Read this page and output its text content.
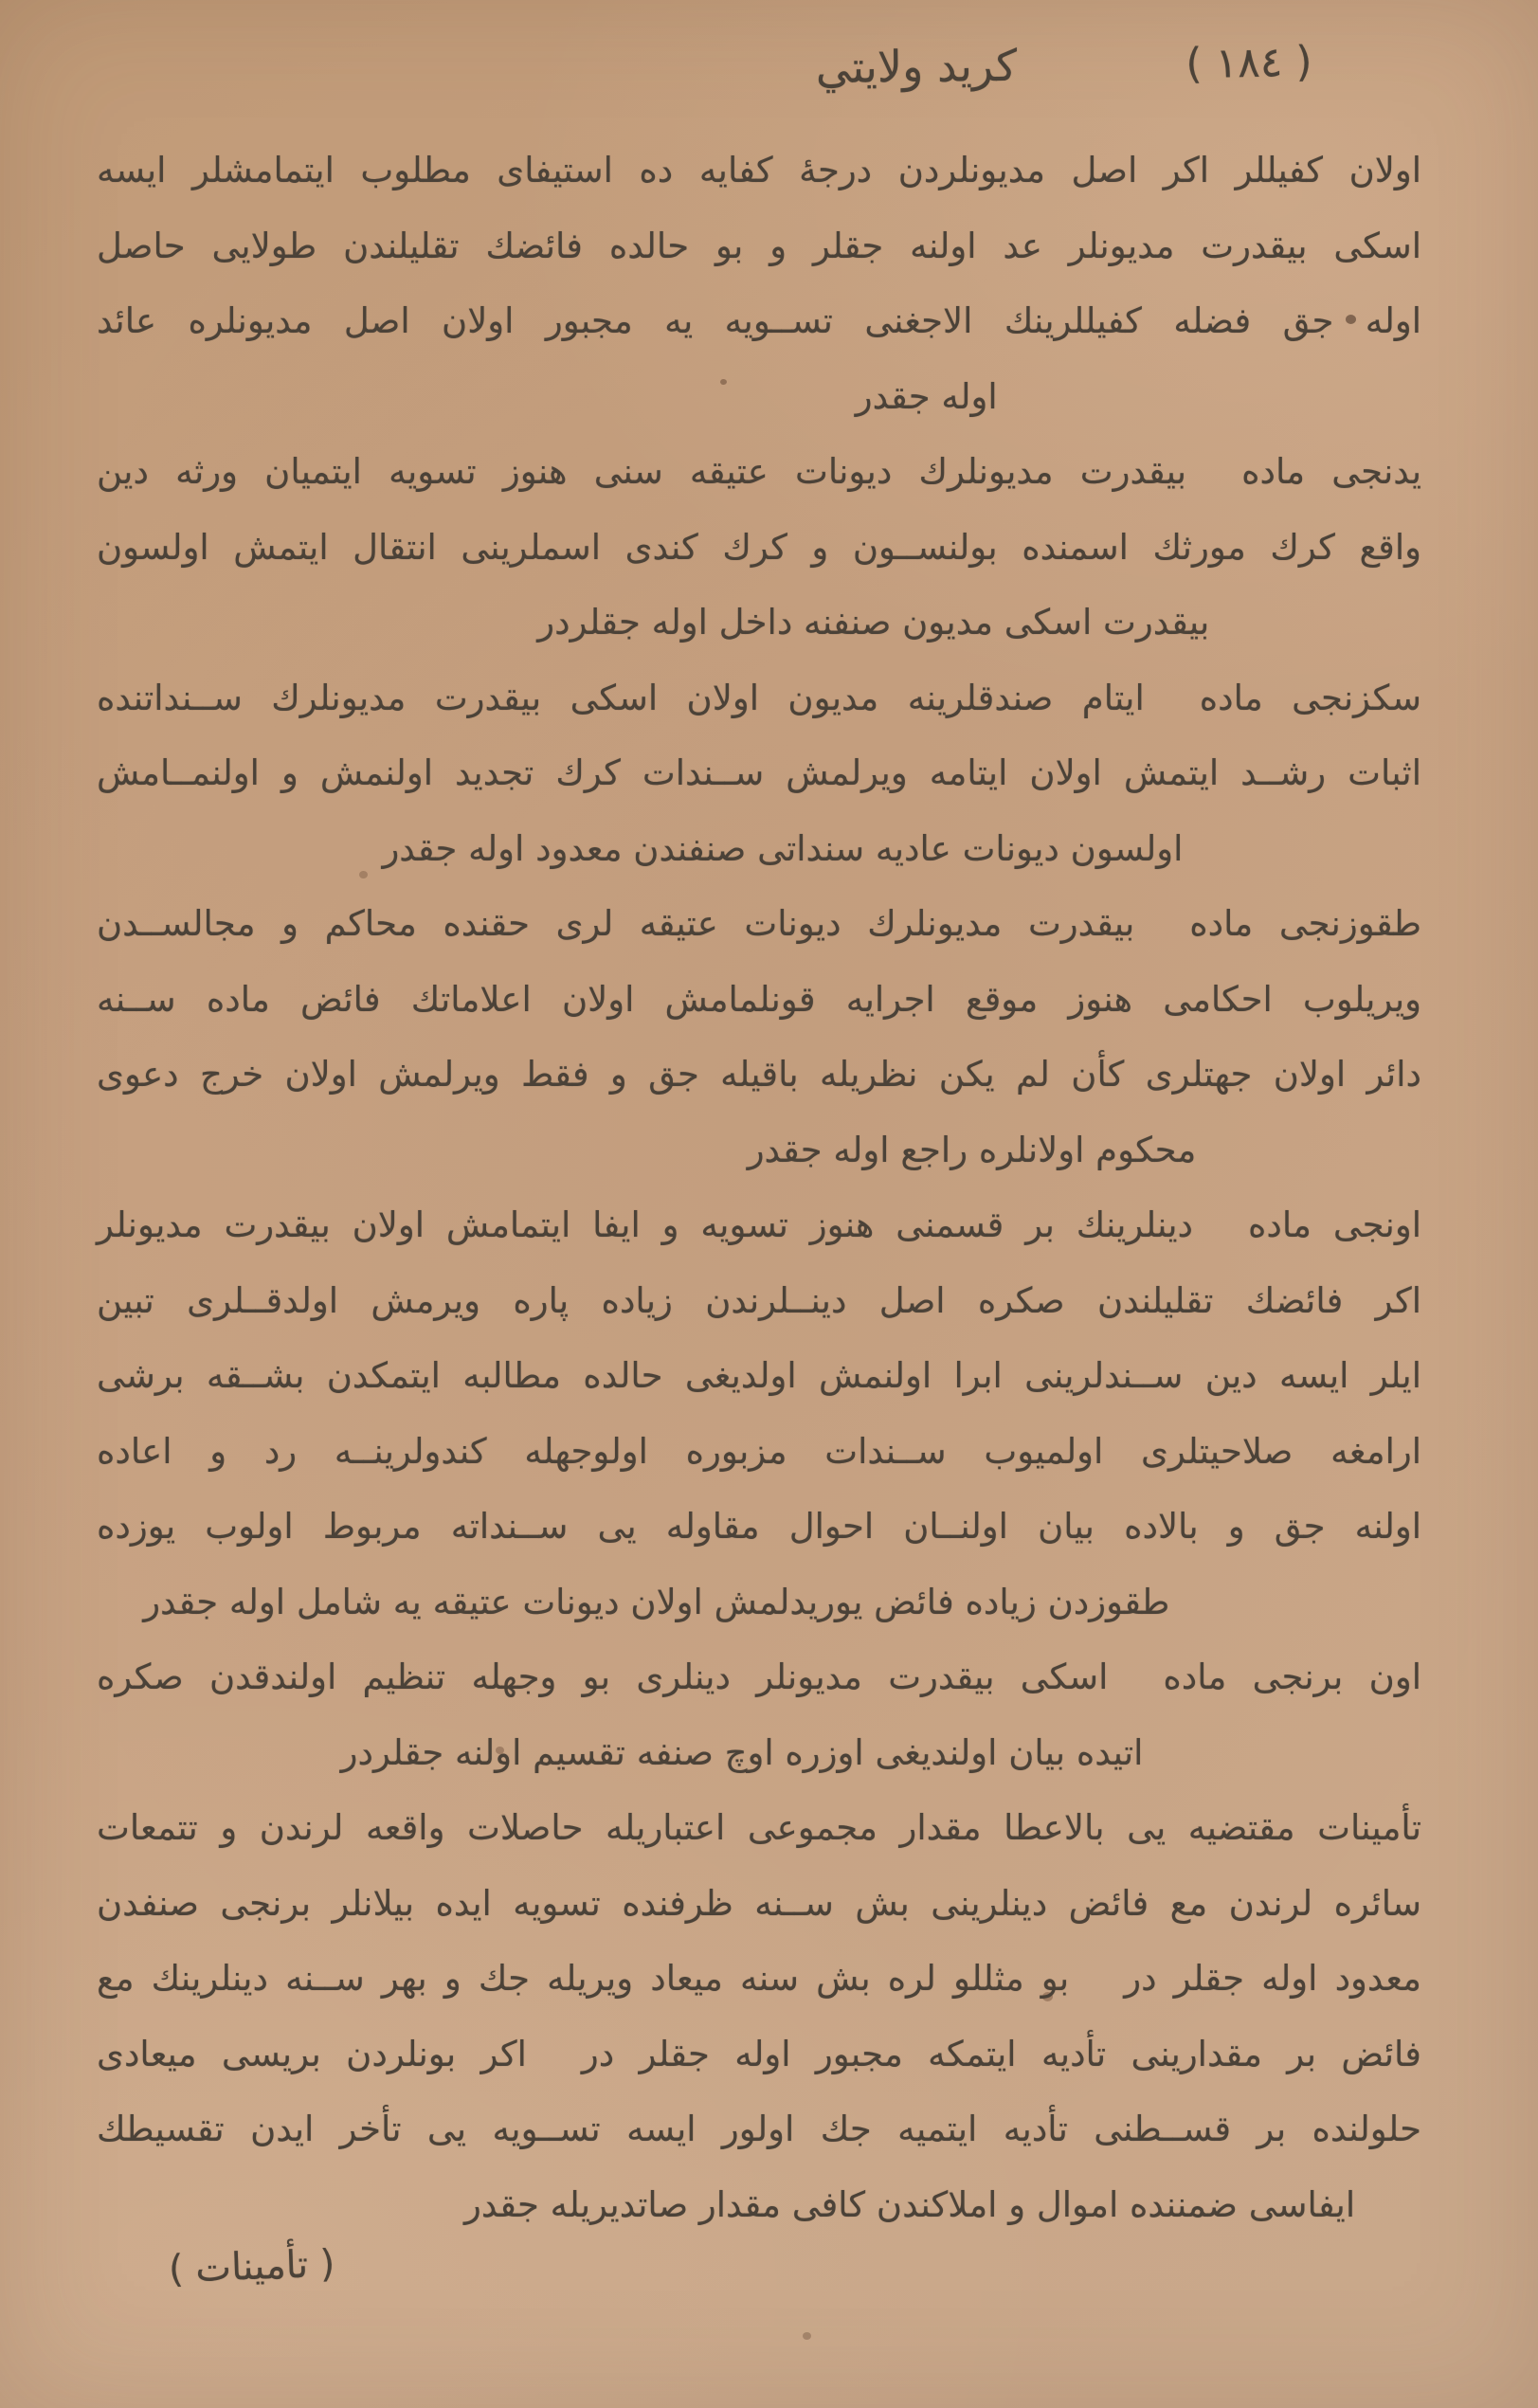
كريد ولايتي	( ١٨٤ )
اولان كفيللر اكر اصل مديونلردن درجهٔ كفايه ده استيفاى مطلوب ايتمامشلر ايسه
اسكى بيقدرت مديونلر عد اولنه جقلر و بو حالده فائضك تقليلندن طولايى حاصل
اوله جق فضله كفيللرينك الاجغنى تســويه يه مجبور اولان اصل مديونلره عائد
اوله جقدر
يدنجى مادهبيقدرت مديونلرك ديونات عتيقه سنى هنوز تسويه ايتميان ورثه دين
واقع كرك مورثك اسمنده بولنســون و كرك كندى اسملرينى انتقال ايتمش اولسون
بيقدرت اسكى مديون صنفنه داخل اوله جقلردر
سكزنجى مادهايتام صندقلرينه مديون اولان اسكى بيقدرت مديونلرك ســنداتنده
اثبات رشــد ايتمش اولان ايتامه ويرلمش ســندات كرك تجديد اولنمش و اولنمــامش
اولسون ديونات عاديه سنداتى صنفندن معدود اوله جقدر
طقوزنجى مادهبيقدرت مديونلرك ديونات عتيقه لرى حقنده محاكم و مجالســدن
ويريلوب احكامى هنوز موقع اجرايه قونلمامش اولان اعلاماتك فائض ماده ســنه
دائر اولان جهتلرى كأن لم يكن نظريله باقيله جق و فقط ويرلمش اولان خرج دعوى
محكوم اولانلره راجع اوله جقدر
اونجى مادهدينلرينك بر قسمنى هنوز تسويه و ايفا ايتمامش اولان بيقدرت مديونلر
اكر فائضك تقليلندن صكره اصل دينــلرندن زياده پاره ويرمش اولدقــلرى تبين
ايلر ايسه دين ســندلرينى ابرا اولنمش اولديغى حالده مطالبه ايتمكدن بشــقه برشى
ارامغه صلاحيتلرى اولميوب ســندات مزبوره اولوجهله كندولرينــه رد و اعاده
اولنه جق و بالاده بيان اولنــان احوال مقاوله يى ســنداته مربوط اولوب يوزده
طقوزدن زياده فائض يوريدلمش اولان ديونات عتيقه يه شامل اوله جقدر
اون برنجى مادهاسكى بيقدرت مديونلر دينلرى بو وجهله تنظيم اولندقدن صكره
اتيده بيان اولنديغى اوزره اوچ صنفه تقسيم اولنه جقلردر
تأمينات مقتضيه يى بالاعطا مقدار مجموعى اعتباريله حاصلات واقعه لرندن و تتمعات
سائره لرندن مع فائض دينلرينى بش ســنه ظرفنده تسويه ايده بيلانلر برنجى صنفدن
معدود اوله جقلر دربو مثللو لره بش سنه ميعاد ويريله جك و بهر ســنه دينلرينك مع
فائض بر مقدارينى تأديه ايتمكه مجبور اوله جقلر دراكر بونلردن بريسى ميعادى
حلولنده بر قســطنى تأديه ايتميه جك اولور ايسه تســويه يى تأخر ايدن تقسيطك
ايفاسى ضمننده اموال و املاكندن كافى مقدار صاتديريله جقدر
( تأمينات )
